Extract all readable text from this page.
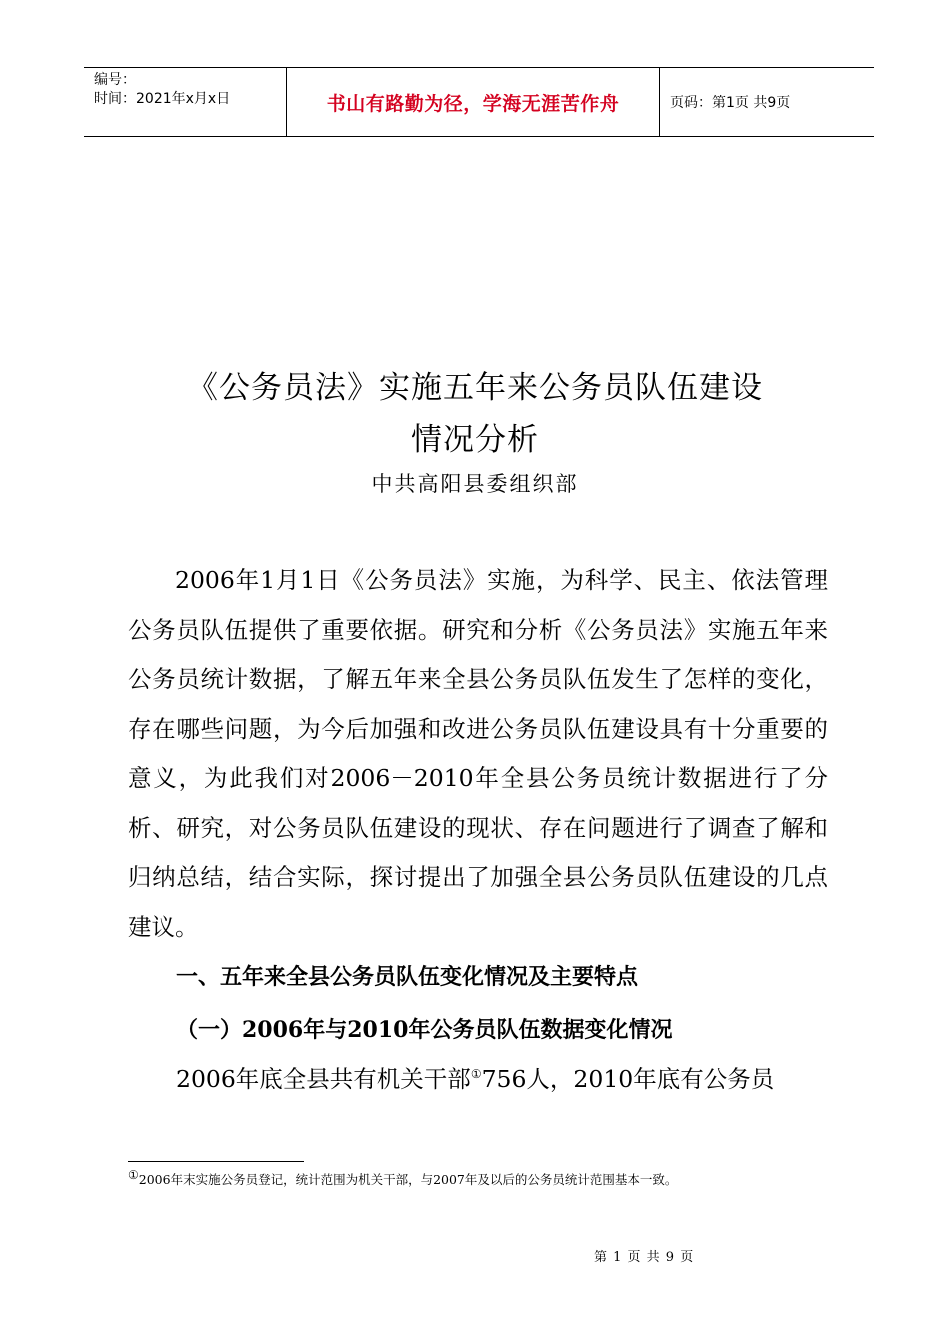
编号：
时间：2021年x月x日	书山有路勤为径，学海无涯苦作舟	页码：第1页 共9页
《公务员法》实施五年来公务员队伍建设
情况分析
中共高阳县委组织部
2006年1月1日《公务员法》实施，为科学、民主、依法管理公务员队伍提供了重要依据。研究和分析《公务员法》实施五年来公务员统计数据，了解五年来全县公务员队伍发生了怎样的变化，存在哪些问题，为今后加强和改进公务员队伍建设具有十分重要的意义，为此我们对2006－2010年全县公务员统计数据进行了分析、研究，对公务员队伍建设的现状、存在问题进行了调查了解和归纳总结，结合实际，探讨提出了加强全县公务员队伍建设的几点建议。
一、五年来全县公务员队伍变化情况及主要特点
（一）2006年与2010年公务员队伍数据变化情况
2006年底全县共有机关干部①756人，2010年底有公务员
①2006年末实施公务员登记，统计范围为机关干部，与2007年及以后的公务员统计范围基本一致。
第 1 页 共 9 页
